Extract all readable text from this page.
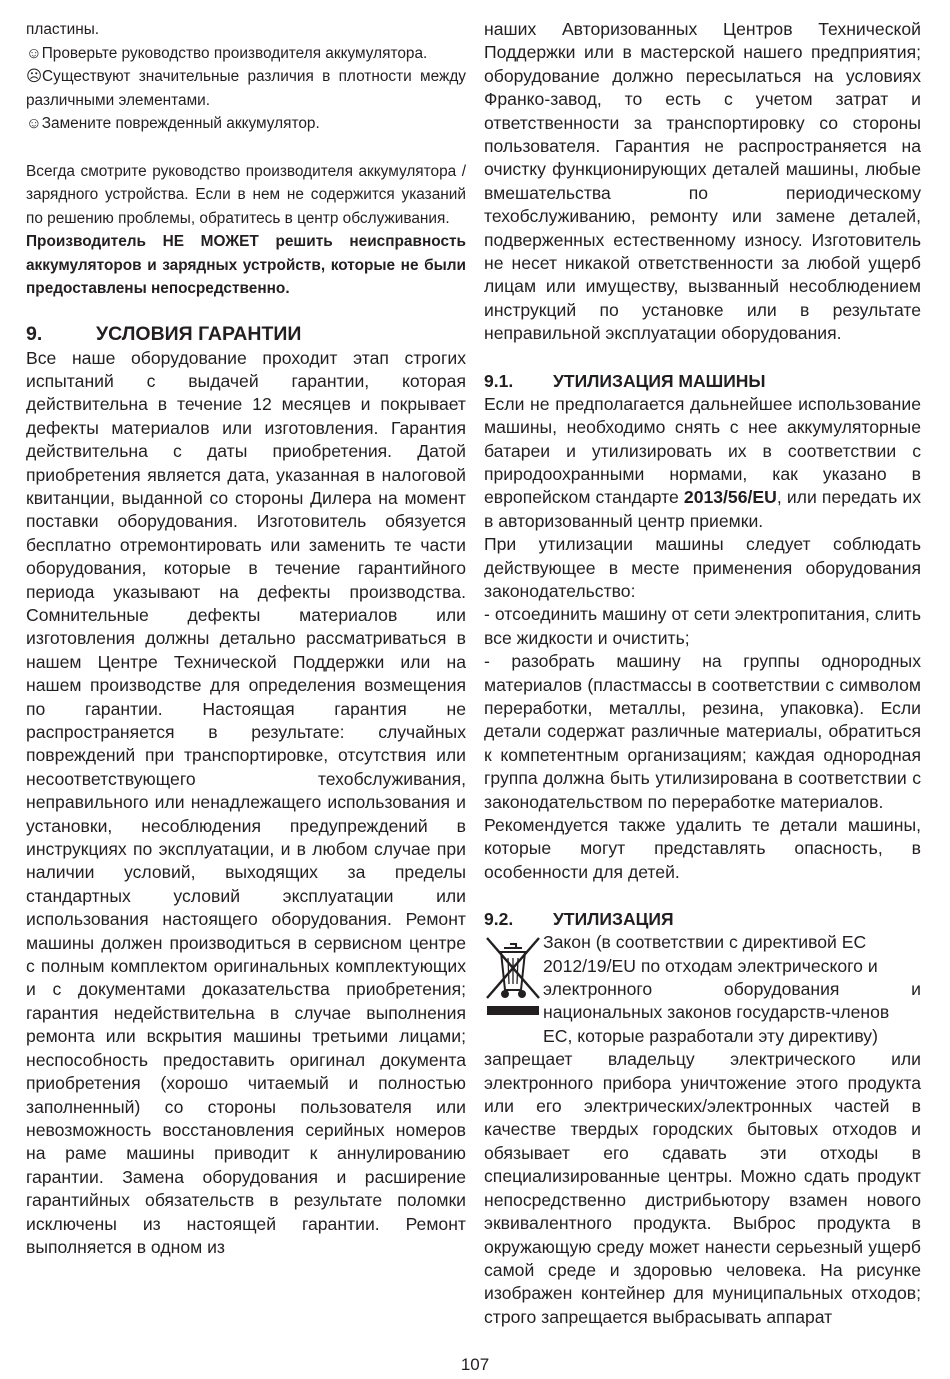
пластины.

☺Проверьте руководство производителя аккумулятора.

☹Существуют значительные различия в плотности между различными элементами.

☺Замените поврежденный аккумулятор.

Всегда смотрите руководство производителя аккумулятора / зарядного устройства. Если в нем не содержится указаний по решению проблемы, обратитесь в центр обслуживания.

Производитель НЕ МОЖЕТ решить неисправность аккумуляторов и зарядных устройств, которые не были предоставлены непосредственно.

9.	УСЛОВИЯ ГАРАНТИИ

Все наше оборудование проходит этап строгих испытаний с выдачей гарантии, которая действительна в течение 12 месяцев и покрывает дефекты материалов или изготовления. Гарантия действительна с даты приобретения. Датой приобретения является дата, указанная в налоговой квитанции, выданной со стороны Дилера на момент поставки оборудования. Изготовитель обязуется бесплатно отремонтировать или заменить те части оборудования, которые в течение гарантийного периода указывают на дефекты производства. Сомнительные дефекты материалов или изготовления должны детально рассматриваться в нашем Центре Технической Поддержки или на нашем производстве для определения возмещения по гарантии. Настоящая гарантия не распространяется в результате: случайных повреждений при транспортировке, отсутствия или несоответствующего техобслуживания, неправильного или ненадлежащего использования и установки, несоблюдения предупреждений в инструкциях по эксплуатации, и в любом случае при наличии условий, выходящих за пределы стандартных условий эксплуатации или использования настоящего оборудования. Ремонт машины должен производиться в сервисном центре с полным комплектом оригинальных комплектующих и с документами доказательства приобретения; гарантия недействительна в случае выполнения ремонта или вскрытия машины третьими лицами; неспособность предоставить оригинал документа приобретения (хорошо читаемый и полностью заполненный) со стороны пользователя или невозможность восстановления серийных номеров на раме машины приводит к аннулированию гарантии. Замена оборудования и расширение гарантийных обязательств в результате поломки исключены из настоящей гарантии. Ремонт выполняется в одном из

наших Авторизованных Центров Технической Поддержки или в мастерской нашего предприятия; оборудование должно пересылаться на условиях Франко-завод, то есть с учетом затрат и ответственности за транспортировку со стороны пользователя. Гарантия не распространяется на очистку функционирующих деталей машины, любые вмешательства по периодическому техобслуживанию, ремонту или замене деталей, подверженных естественному износу. Изготовитель не несет никакой ответственности за любой ущерб лицам или имуществу, вызванный несоблюдением инструкций по установке или в результате неправильной эксплуатации оборудования.

9.1. УТИЛИЗАЦИЯ МАШИНЫ

Если не предполагается дальнейшее использование машины, необходимо снять с нее аккумуляторные батареи и утилизировать их в соответствии с природоохранными нормами, как указано в европейском стандарте 2013/56/EU, или передать их в авторизованный центр приемки.

При утилизации машины следует соблюдать действующее в месте применения оборудования законодательство:

- отсоединить машину от сети электропитания, слить все жидкости и очистить;

- разобрать машину на группы однородных материалов (пластмассы в соответствии с символом переработки, металлы, резина, упаковка). Если детали содержат различные материалы, обратиться к компетентным организациям; каждая однородная группа должна быть утилизирована в соответствии с законодательством по переработке материалов.

Рекомендуется также удалить те детали машины, которые могут представлять опасность, в особенности для детей.

9.2. УТИЛИЗАЦИЯ

Закон (в соответствии с директивой ЕС

2012/19/EU по отходам электрического и

электронного оборудования и

национальных законов государств-членов

ЕС, которые разработали эту директиву)

запрещает владельцу электрического или электронного прибора уничтожение этого продукта или его электрических/электронных частей в качестве твердых городских бытовых отходов и обязывает его сдавать эти отходы в специализированные центры. Можно сдать продукт непосредственно дистрибьютору взамен нового эквивалентного продукта. Выброс продукта в окружающую среду может нанести серьезный ущерб самой среде и здоровью человека. На рисунке изображен контейнер для муниципальных отходов; строго запрещается выбрасывать аппарат

107
